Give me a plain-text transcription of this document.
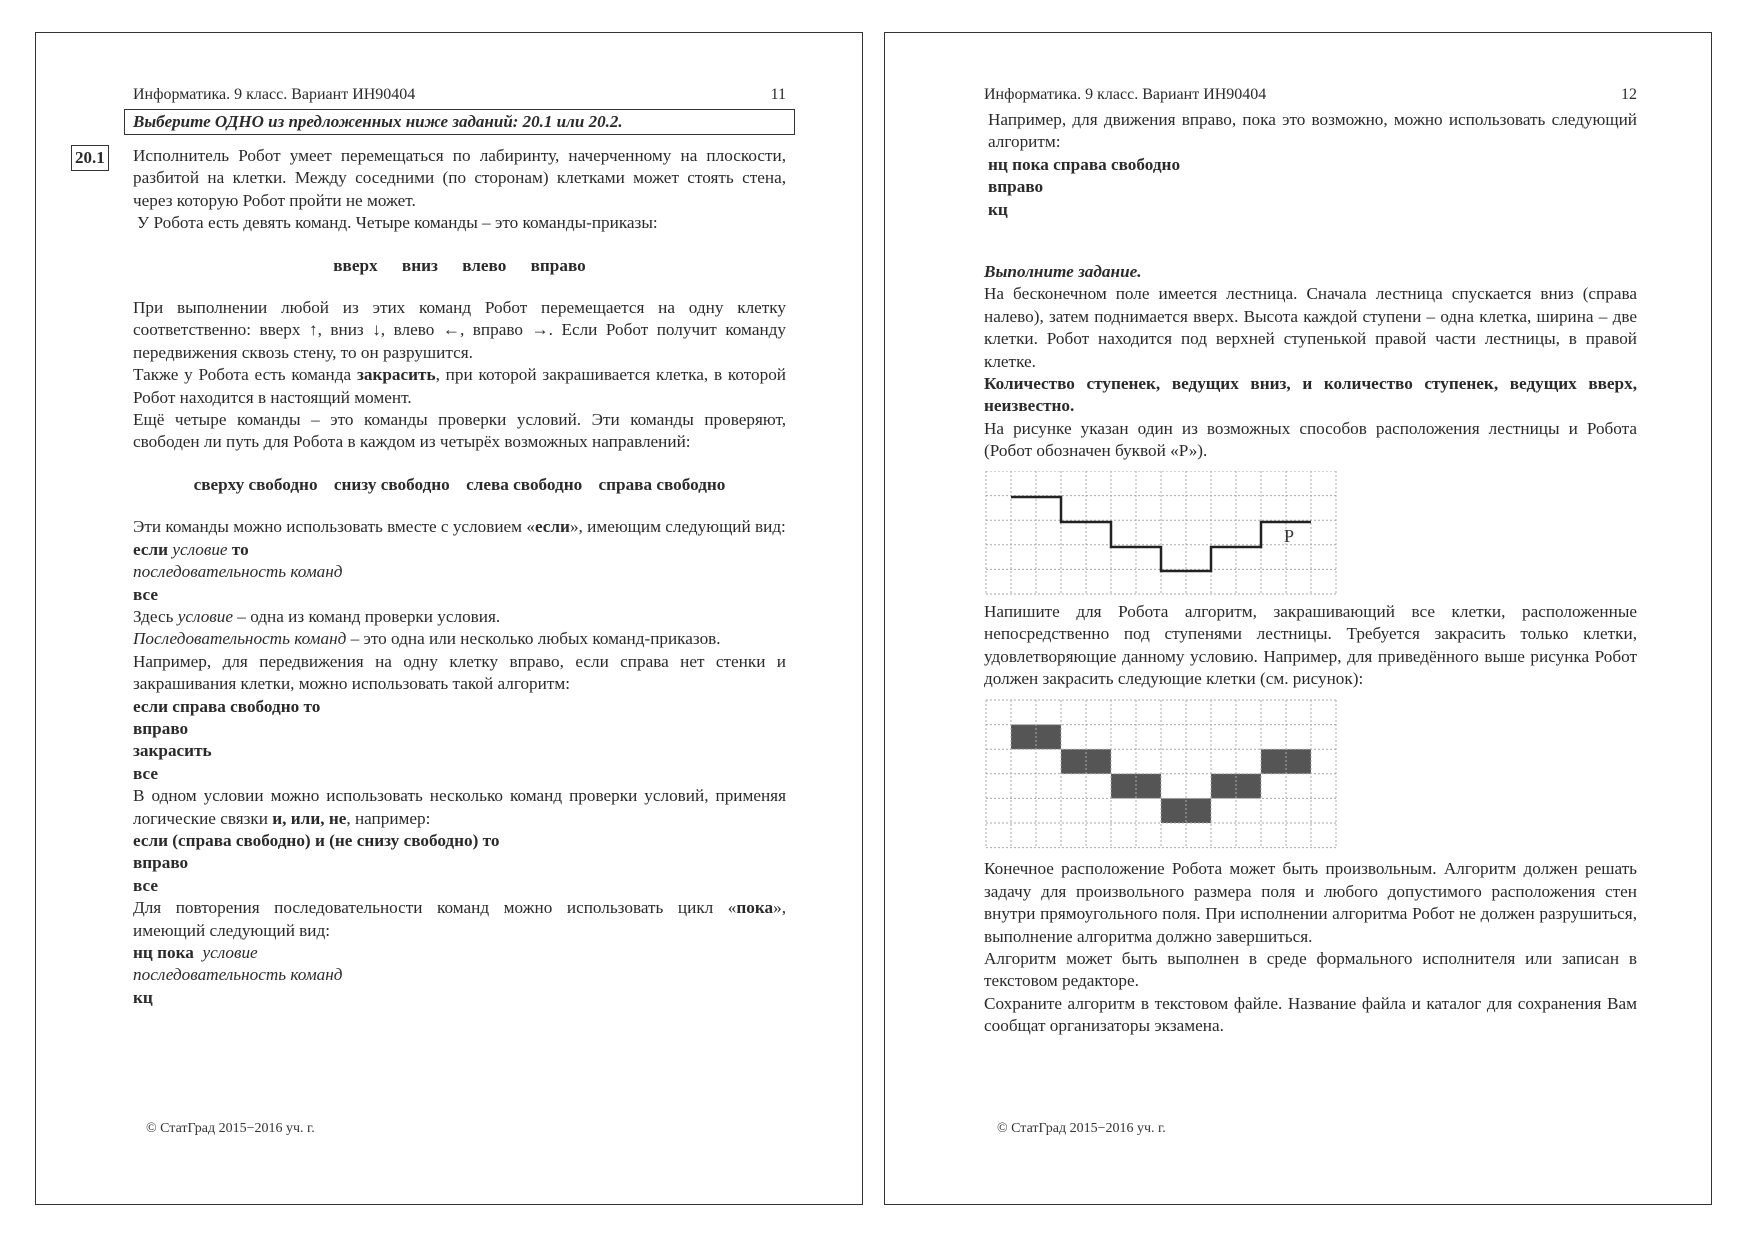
Информатика. 9 класс. Вариант ИН90404	11
Выберите ОДНО из предложенных ниже заданий: 20.1 или 20.2.
20.1 Исполнитель Робот умеет перемещаться по лабиринту, начерченному на плоскости, разбитой на клетки. Между соседними (по сторонам) клетками может стоять стена, через которую Робот пройти не может.

У Робота есть девять команд. Четыре команды – это команды-приказы:

вверх вниз влево вправо

При выполнении любой из этих команд Робот перемещается на одну клетку соответственно: вверх ↑, вниз ↓, влево ←, вправо →. Если Робот получит команду передвижения сквозь стену, то он разрушится.

Также у Робота есть команда закрасить, при которой закрашивается клетка, в которой Робот находится в настоящий момент.

Ещё четыре команды – это команды проверки условий. Эти команды проверяют, свободен ли путь для Робота в каждом из четырёх возможных направлений:

сверху свободно снизу свободно слева свободно справа свободно

Эти команды можно использовать вместе с условием «если», имеющим следующий вид:

если условие то
последовательность команд
все

Здесь условие – одна из команд проверки условия.

Последовательность команд – это одна или несколько любых команд-приказов.

Например, для передвижения на одну клетку вправо, если справа нет стенки и закрашивания клетки, можно использовать такой алгоритм:

если справа свободно то
вправо
закрасить
все

В одном условии можно использовать несколько команд проверки условий, применяя логические связки и, или, не, например:

если (справа свободно) и (не снизу свободно) то
вправо
все

Для повторения последовательности команд можно использовать цикл «пока», имеющий следующий вид:

нц пока условие
последовательность команд
кц
© СтатГрад 2015−2016 уч. г.
Информатика. 9 класс. Вариант ИН90404	12

Например, для движения вправо, пока это возможно, можно использовать следующий алгоритм:

нц пока справа свободно
вправо
кц
Выполните задание.

На бесконечном поле имеется лестница. Сначала лестница спускается вниз (справа налево), затем поднимается вверх. Высота каждой ступени – одна клетка, ширина – две клетки. Робот находится под верхней ступенькой правой части лестницы, в правой клетке.

Количество ступенек, ведущих вниз, и количество ступенек, ведущих вверх, неизвестно.

На рисунке указан один из возможных способов расположения лестницы и Робота (Робот обозначен буквой «Р»).

Р

Напишите для Робота алгоритм, закрашивающий все клетки, расположенные непосредственно под ступенями лестницы. Требуется закрасить только клетки, удовлетворяющие данному условию. Например, для приведённого выше рисунка Робот должен закрасить следующие клетки (см. рисунок):

Конечное расположение Робота может быть произвольным. Алгоритм должен решать задачу для произвольного размера поля и любого допустимого расположения стен внутри прямоугольного поля. При исполнении алгоритма Робот не должен разрушиться, выполнение алгоритма должно завершиться.

Алгоритм может быть выполнен в среде формального исполнителя или записан в текстовом редакторе.

Сохраните алгоритм в текстовом файле. Название файла и каталог для сохранения Вам сообщат организаторы экзамена.

© СтатГрад 2015−2016 уч. г.
